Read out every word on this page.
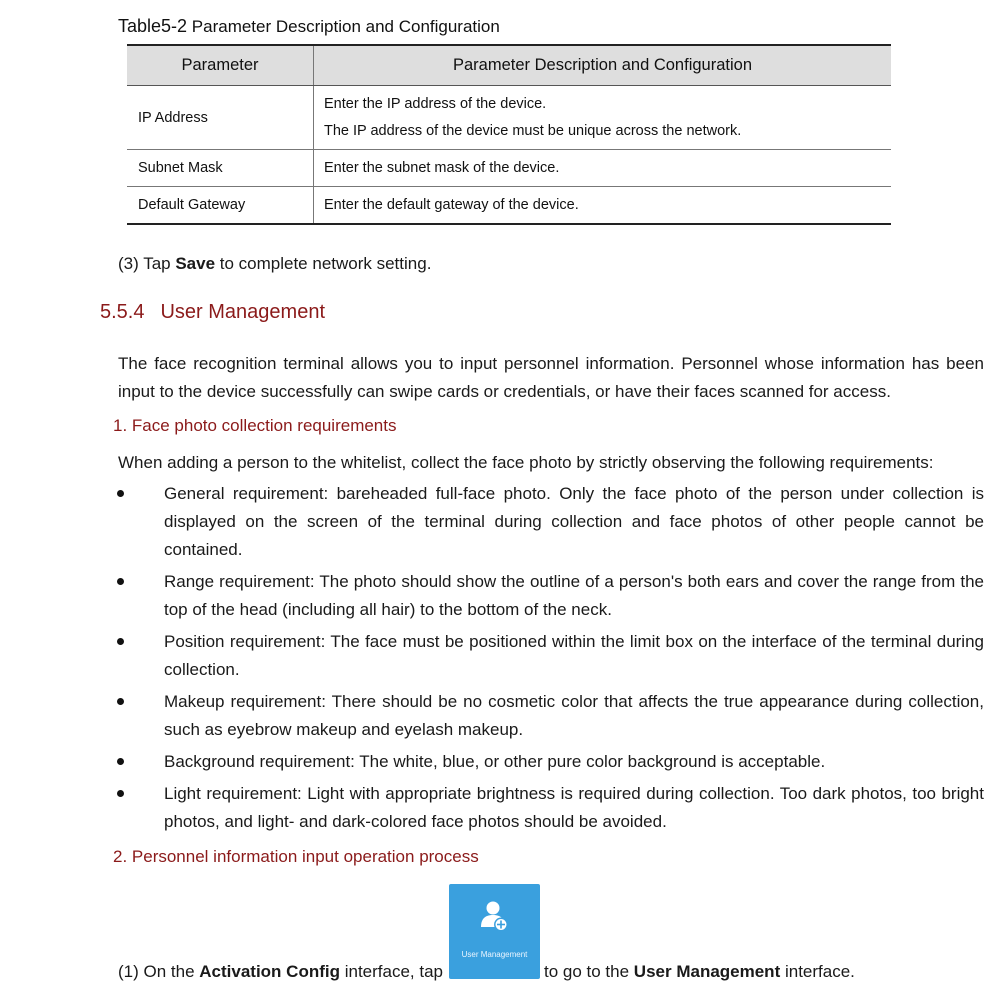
Table5-2 Parameter Description and Configuration
Parameter	Parameter Description and Configuration
IP Address	Enter the IP address of the device.
The IP address of the device must be unique across the network.

Subnet Mask	Enter the subnet mask of the device.
Default Gateway	Enter the default gateway of the device.
(3) Tap Save to complete network setting.
5.5.4 User Management
The face recognition terminal allows you to input personnel information. Personnel whose information has been input to the device successfully can swipe cards or credentials, or have their faces scanned for access.
1. Face photo collection requirements
When adding a person to the whitelist, collect the face photo by strictly observing the following requirements:
General requirement: bareheaded full-face photo. Only the face photo of the person under collection is displayed on the screen of the terminal during collection and face photos of other people cannot be contained.
Range requirement: The photo should show the outline of a person's both ears and cover the range from the top of the head (including all hair) to the bottom of the neck.
Position requirement: The face must be positioned within the limit box on the interface of the terminal during collection.
Makeup requirement: There should be no cosmetic color that affects the true appearance during collection, such as eyebrow makeup and eyelash makeup.
Background requirement: The white, blue, or other pure color background is acceptable.
Light requirement: Light with appropriate brightness is required during collection. Too dark photos, too bright photos, and light- and dark-colored face photos should be avoided.
2. Personnel information input operation process
User Management
(1) On the Activation Config interface, tap	to go to the User Management interface.
